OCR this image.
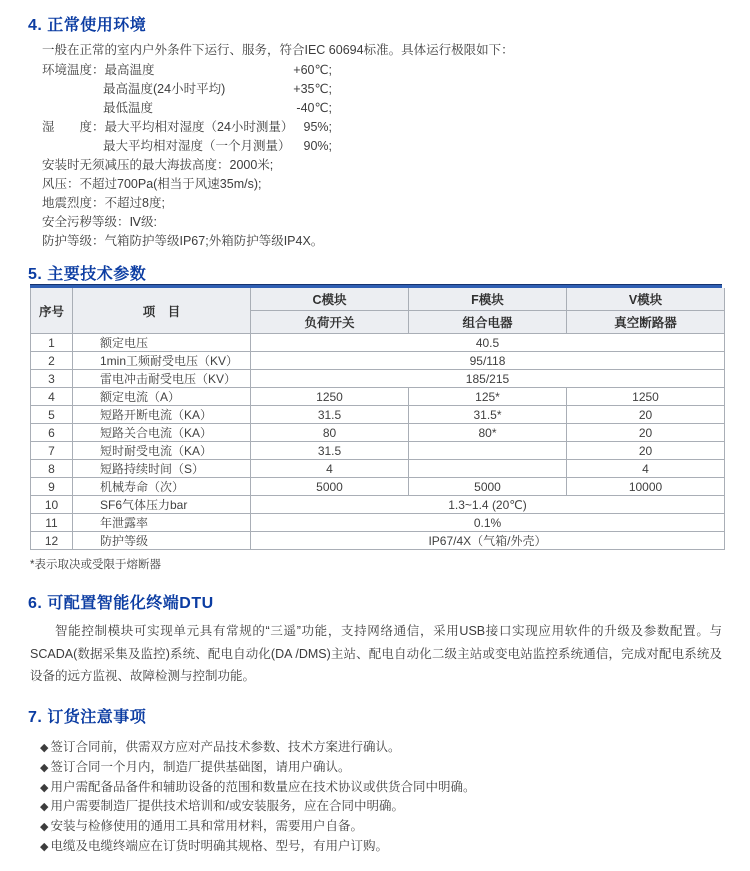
4. 正常使用环境
一般在正常的室内户外条件下运行、服务，符合IEC 60694标准。具体运行极限如下：
环境温度：最高温度	+60℃;
最高温度(24小时平均)	+35℃;
最低温度	-40℃;
湿　　度：最大平均相对湿度（24小时测量） 95%;
最大平均相对湿度（一个月测量）	90%;
安装时无须减压的最大海拔高度：2000米;
风压：不超过700Pa(相当于风速35m/s);
地震烈度：不超过8度;
安全污秽等级：Ⅳ级:
防护等级：气箱防护等级IP67;外箱防护等级IP4X。
5. 主要技术参数
序号	项　目	C模块	F模块	V模块
		负荷开关	组合电器	真空断路器
1	额定电压	40.5		
2	1min工频耐受电压（KV）	95/118		
3	雷电冲击耐受电压（KV）	185/215		
4	额定电流（A）	1250	125*	1250
5	短路开断电流（KA）	31.5	31.5*	20
6	短路关合电流（KA）	80	80*	20
7	短时耐受电流（KA）	31.5		20
8	短路持续时间（S）	4		4
9	机械寿命（次）	5000	5000	10000
10	SF6气体压力bar	1.3~1.4 (20℃)		
11	年泄露率	0.1%		
12	防护等级	IP67/4X（气箱/外壳）		
*表示取决或受限于熔断器
6. 可配置智能化终端DTU

智能控制模块可实现单元具有常规的“三遥”功能，支持网络通信，采用USB接口实现应用软件的升级及参数配置。与 SCADA(数据采集及监控)系统、配电自动化(DA /DMS)主站、配电自动化二级主站或变电站监控系统通信，完成对配电系统及设备的远方监视、故障检测与控制功能。

7. 订货注意事项
◆ 签订合同前，供需双方应对产品技术参数、技术方案进行确认。
◆ 签订合同一个月内，制造厂提供基础图，请用户确认。
◆ 用户需配备品备件和辅助设备的范围和数量应在技术协议或供货合同中明确。
◆ 用户需要制造厂提供技术培训和/或安装服务，应在合同中明确。
◆ 安装与检修使用的通用工具和常用材料，需要用户自备。
◆ 电缆及电缆终端应在订货时明确其规格、型号，有用户订购。
